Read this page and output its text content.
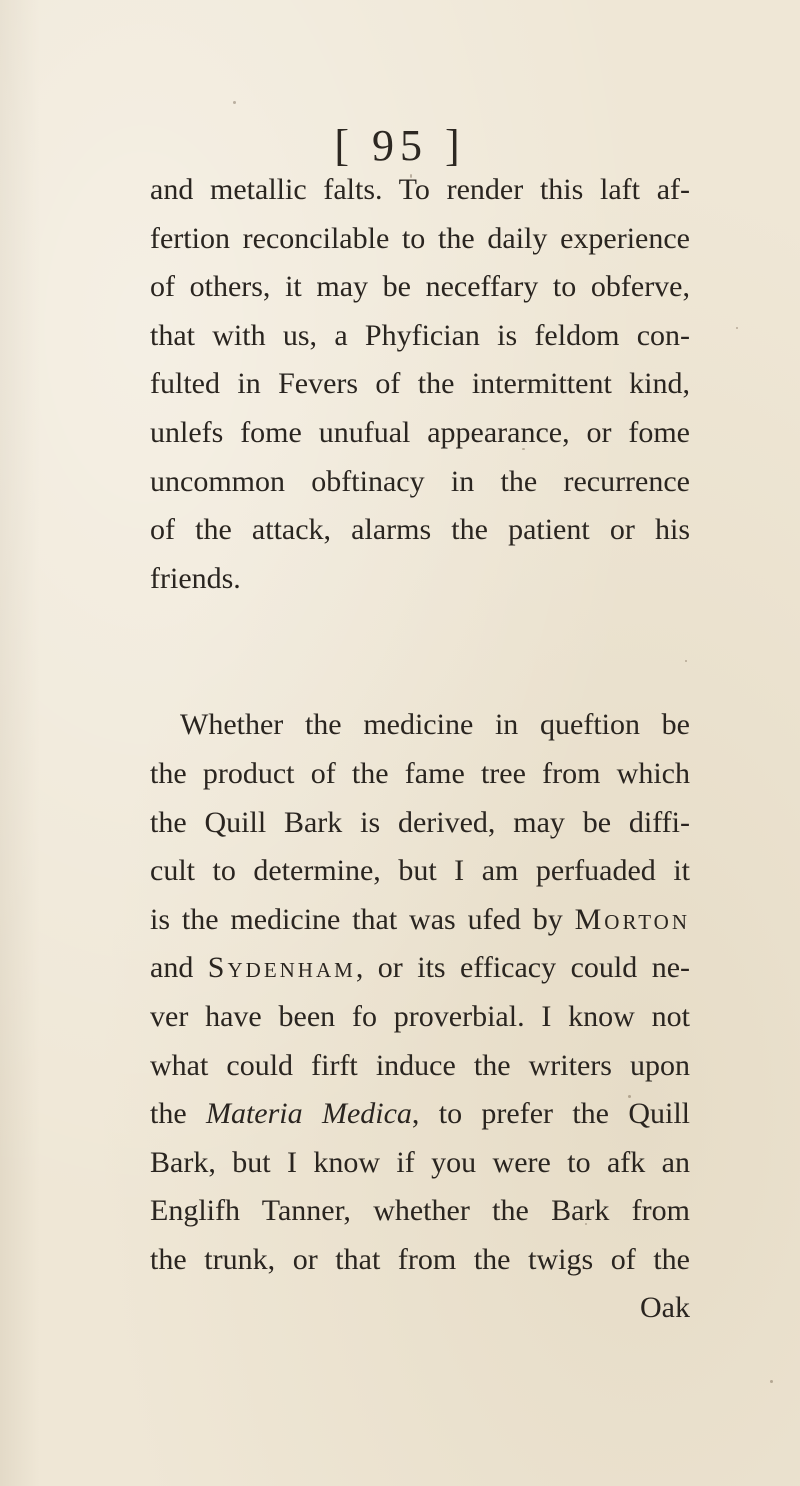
[ 95 ]
and metallic falts. To render this laft af-
fertion reconcilable to the daily experience
of others, it may be neceffary to obferve,
that with us, a Phyfician is feldom con-
fulted in Fevers of the intermittent kind,
unlefs fome unufual appearance, or fome
uncommon obftinacy in the recurrence
of the attack, alarms the patient or his
friends.
Whether the medicine in queftion be
the product of the fame tree from which
the Quill Bark is derived, may be diffi-
cult to determine, but I am perfuaded it
is the medicine that was ufed by Morton
and Sydenham, or its efficacy could ne-
ver have been fo proverbial. I know not
what could firft induce the writers upon
the Materia Medica, to prefer the Quill
Bark, but I know if you were to afk an
Englifh Tanner, whether the Bark from
the trunk, or that from the twigs of the
Oak
